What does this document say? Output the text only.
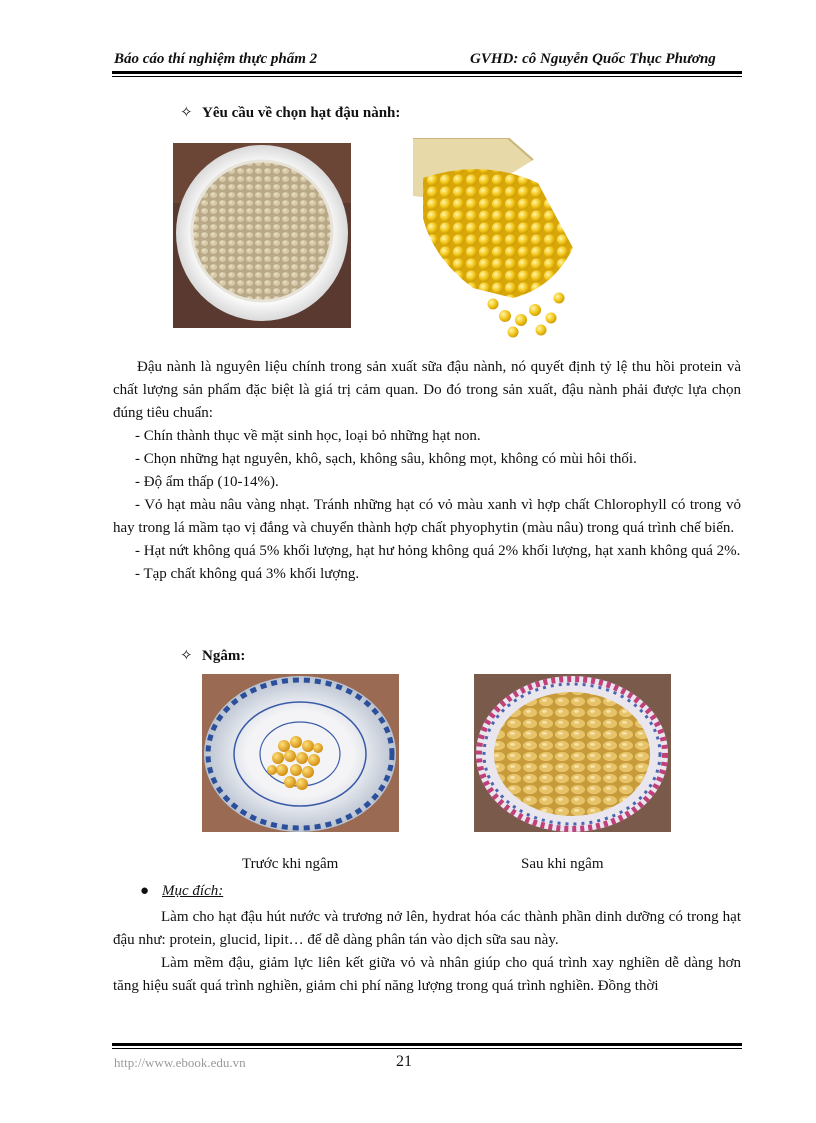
Báo cáo thí nghiệm thực phẩm 2	GVHD: cô Nguyễn Quốc Thục Phương
✧ Yêu cầu về chọn hạt đậu nành:

Đậu nành là nguyên liệu chính trong sản xuất sữa đậu nành, nó quyết định tỷ lệ thu hồi protein và chất lượng sản phẩm đặc biệt là giá trị cảm quan. Do đó trong sản xuất, đậu nành phải được lựa chọn đúng tiêu chuẩn:

- Chín thành thục về mặt sinh học, loại bỏ những hạt non.

- Chọn những hạt nguyên, khô, sạch, không sâu, không mọt, không có mùi hôi thối.

- Độ ẩm thấp (10-14%).

- Vỏ hạt màu nâu vàng nhạt. Tránh những hạt có vỏ màu xanh vì hợp chất Chlorophyll có trong vỏ hay trong lá mầm tạo vị đắng và chuyển thành hợp chất phyophytin (màu nâu) trong quá trình chế biến.

- Hạt nứt không quá 5% khối lượng, hạt hư hỏng không quá 2% khối lượng, hạt xanh không quá 2%.

- Tạp chất không quá 3% khối lượng.

✧ Ngâm:
Trước khi ngâm	Sau khi ngâm
● Mục đích:

Làm cho hạt đậu hút nước và trương nở lên, hydrat hóa các thành phần dinh dưỡng có trong hạt đậu như: protein, glucid, lipit… để dễ dàng phân tán vào dịch sữa sau này.

Làm mềm đậu, giảm lực liên kết giữa vỏ và nhân giúp cho quá trình xay nghiền dễ dàng hơn tăng hiệu suất quá trình nghiền, giảm chi phí năng lượng trong quá trình nghiền. Đồng thời

http://www.ebook.edu.vn	21
